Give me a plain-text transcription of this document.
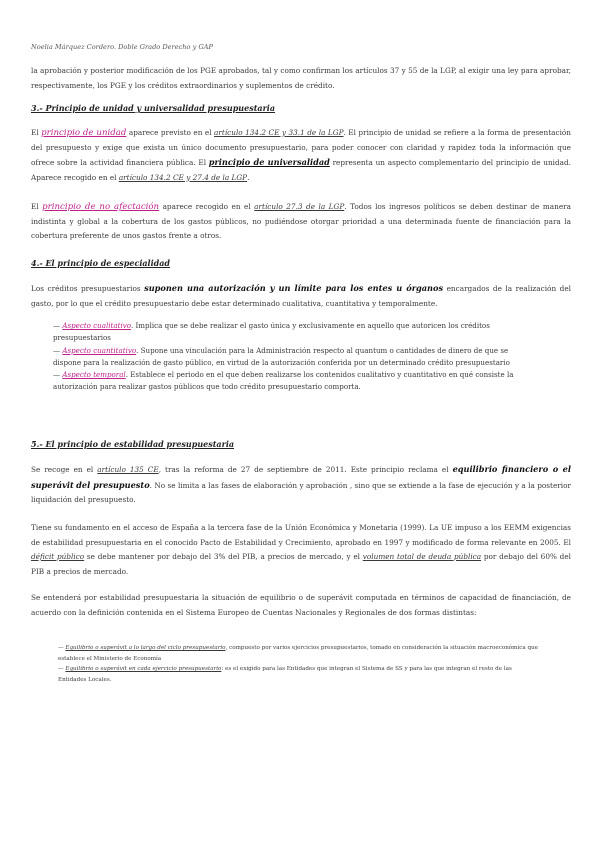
Noelia Márquez Cordero. Doble Grado Derecho y GAP
la aprobación y posterior modificación de los PGE aprobados, tal y como confirman los artículos 37 y 55 de la LGP, al exigir una ley para aprobar, respectivamente, los PGE y los créditos extraordinarios y suplementos de crédito.
3.- Principio de unidad y universalidad presupuestaria
El principio de unidad aparece previsto en el artículo 134.2 CE y 33.1 de la LGP. El principio de unidad se refiere a la forma de presentación del presupuesto y exige que exista un único documento presupuestario, para poder conocer con claridad y rapidez toda la información que ofrece sobre la actividad financiera pública. El principio de universalidad representa un aspecto complementario del principio de unidad. Aparece recogido en el artículo 134.2 CE y 27.4 de la LGP.
El principio de no afectación aparece recogido en el artículo 27.3 de la LGP. Todos los ingresos políticos se deben destinar de manera indistinta y global a la cobertura de los gastos públicos, no pudiéndose otorgar prioridad a una determinada fuente de financiación para la cobertura preferente de unos gastos frente a otros.
4.- El principio de especialidad
Los créditos presupuestarios suponen una autorización y un límite para los entes u órganos encargados de la realización del gasto, por lo que el crédito presupuestario debe estar determinado cualitativa, cuantitativa y temporalmente.
— Aspecto cualitativo. Implica que se debe realizar el gasto única y exclusivamente en aquello que autoricen los créditos presupuestarios
— Aspecto cuantitativo. Supone una vinculación para la Administración respecto al quantum o cantidades de dinero de que se dispone para la realización de gasto público, en virtud de la autorización conferida por un determinado crédito presupuestario
— Aspecto temporal. Establece el periodo en el que deben realizarse los contenidos cualitativo y cuantitativo en qué consiste la autorización para realizar gastos públicos que todo crédito presupuestario comporta.
5.- El principio de estabilidad presupuestaria
Se recoge en el artículo 135 CE, tras la reforma de 27 de septiembre de 2011. Este principio reclama el equilibrio financiero o el superávit del presupuesto. No se limita a las fases de elaboración y aprobación , sino que se extiende a la fase de ejecución y a la posterior liquidación del presupuesto.
Tiene su fundamento en el acceso de España a la tercera fase de la Unión Económica y Monetaria (1999). La UE impuso a los EEMM exigencias de estabilidad presupuestaria en el conocido Pacto de Estabilidad y Crecimiento, aprobado en 1997 y modificado de forma relevante en 2005. El déficit público se debe mantener por debajo del 3% del PIB, a precios de mercado, y el volumen total de deuda pública por debajo del 60% del PIB a precios de mercado.
Se entenderá por estabilidad presupuestaria la situación de equilibrio o de superávit computada en términos de capacidad de financiación, de acuerdo con la definición contenida en el Sistema Europeo de Cuentas Nacionales y Regionales de dos formas distintas:
— Equilibrio o superávit a lo largo del ciclo presupuestario, compuesto por varios ejercicios presupuestarios, tomado en consideración la situación macroeconómica que establece el Ministerio de Economía
— Equilibrio o superávit en cada ejercicio presupuestario: es el exigido para las Entidades que integran el Sistema de SS y para las que integran el resto de las Entidades Locales.
